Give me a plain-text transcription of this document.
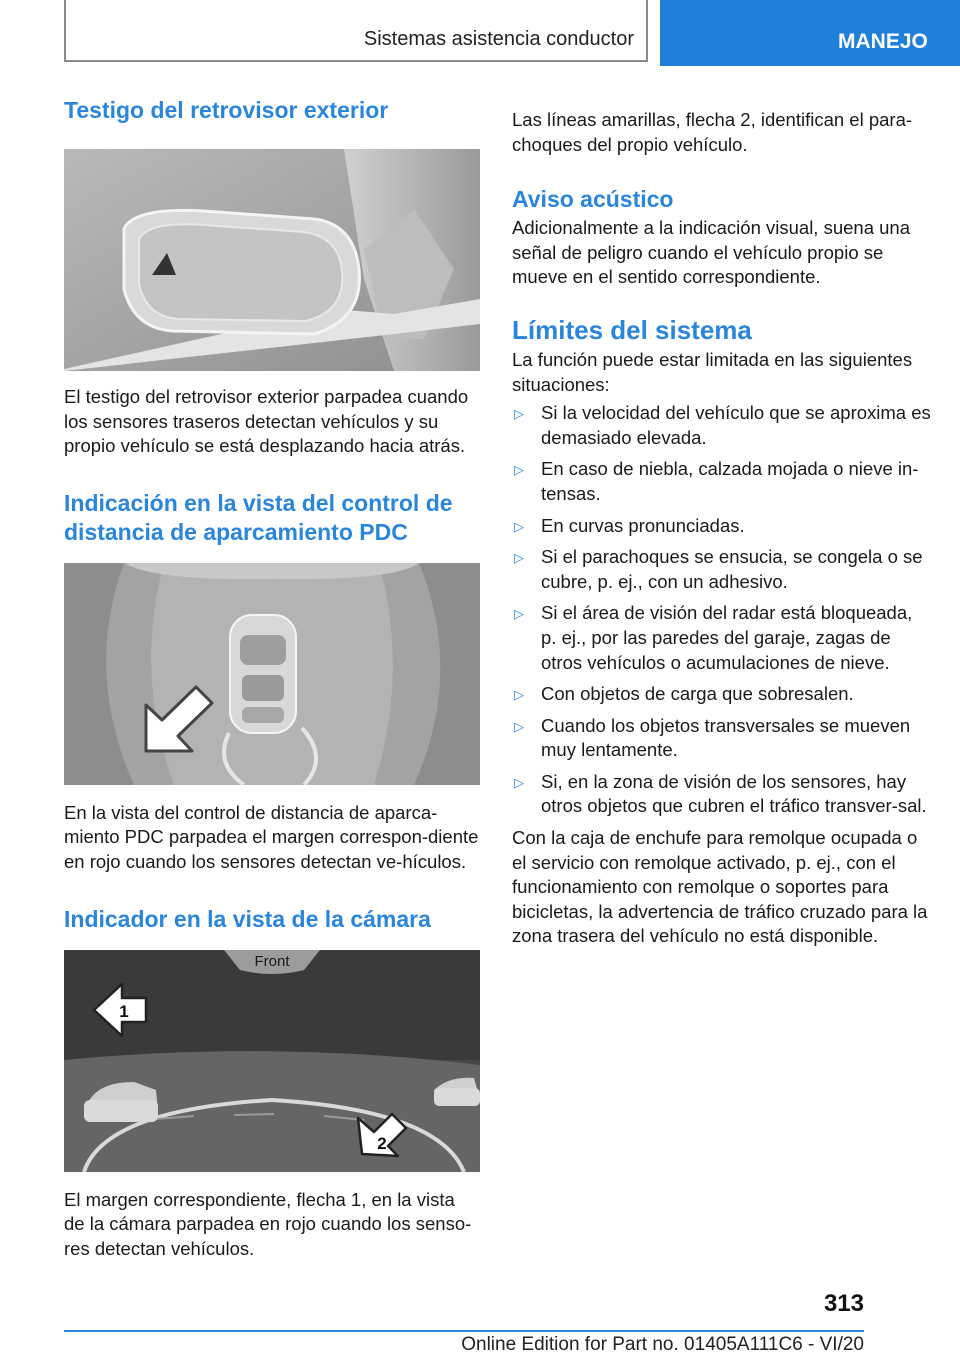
Sistemas asistencia conductor	MANEJO
Testigo del retrovisor exterior

El testigo del retrovisor exterior parpadea cuando los sensores traseros detectan vehículos y su propio vehículo se está desplazando hacia atrás.

Indicación en la vista del control de distancia de aparcamiento PDC

En la vista del control de distancia de aparca-miento PDC parpadea el margen correspon-diente en rojo cuando los sensores detectan ve-hículos.

Indicador en la vista de la cámara
Front
1
2

El margen correspondiente, flecha 1, en la vista de la cámara parpadea en rojo cuando los senso-res detectan vehículos.

Las líneas amarillas, flecha 2, identifican el para-choques del propio vehículo.

Aviso acústico

Adicionalmente a la indicación visual, suena una señal de peligro cuando el vehículo propio se mueve en el sentido correspondiente.

Límites del sistema

La función puede estar limitada en las siguientes situaciones:

▷ Si la velocidad del vehículo que se aproxima es demasiado elevada.
▷ En caso de niebla, calzada mojada o nieve in-tensas.
▷ En curvas pronunciadas.
▷ Si el parachoques se ensucia, se congela o se cubre, p. ej., con un adhesivo.
▷ Si el área de visión del radar está bloqueada, p. ej., por las paredes del garaje, zagas de otros vehículos o acumulaciones de nieve.
▷ Con objetos de carga que sobresalen.
▷ Cuando los objetos transversales se mueven muy lentamente.
▷ Si, en la zona de visión de los sensores, hay otros objetos que cubren el tráfico transver-sal.

Con la caja de enchufe para remolque ocupada o el servicio con remolque activado, p. ej., con el funcionamiento con remolque o soportes para bicicletas, la advertencia de tráfico cruzado para la zona trasera del vehículo no está disponible.

313
Online Edition for Part no. 01405A111C6 - VI/20
